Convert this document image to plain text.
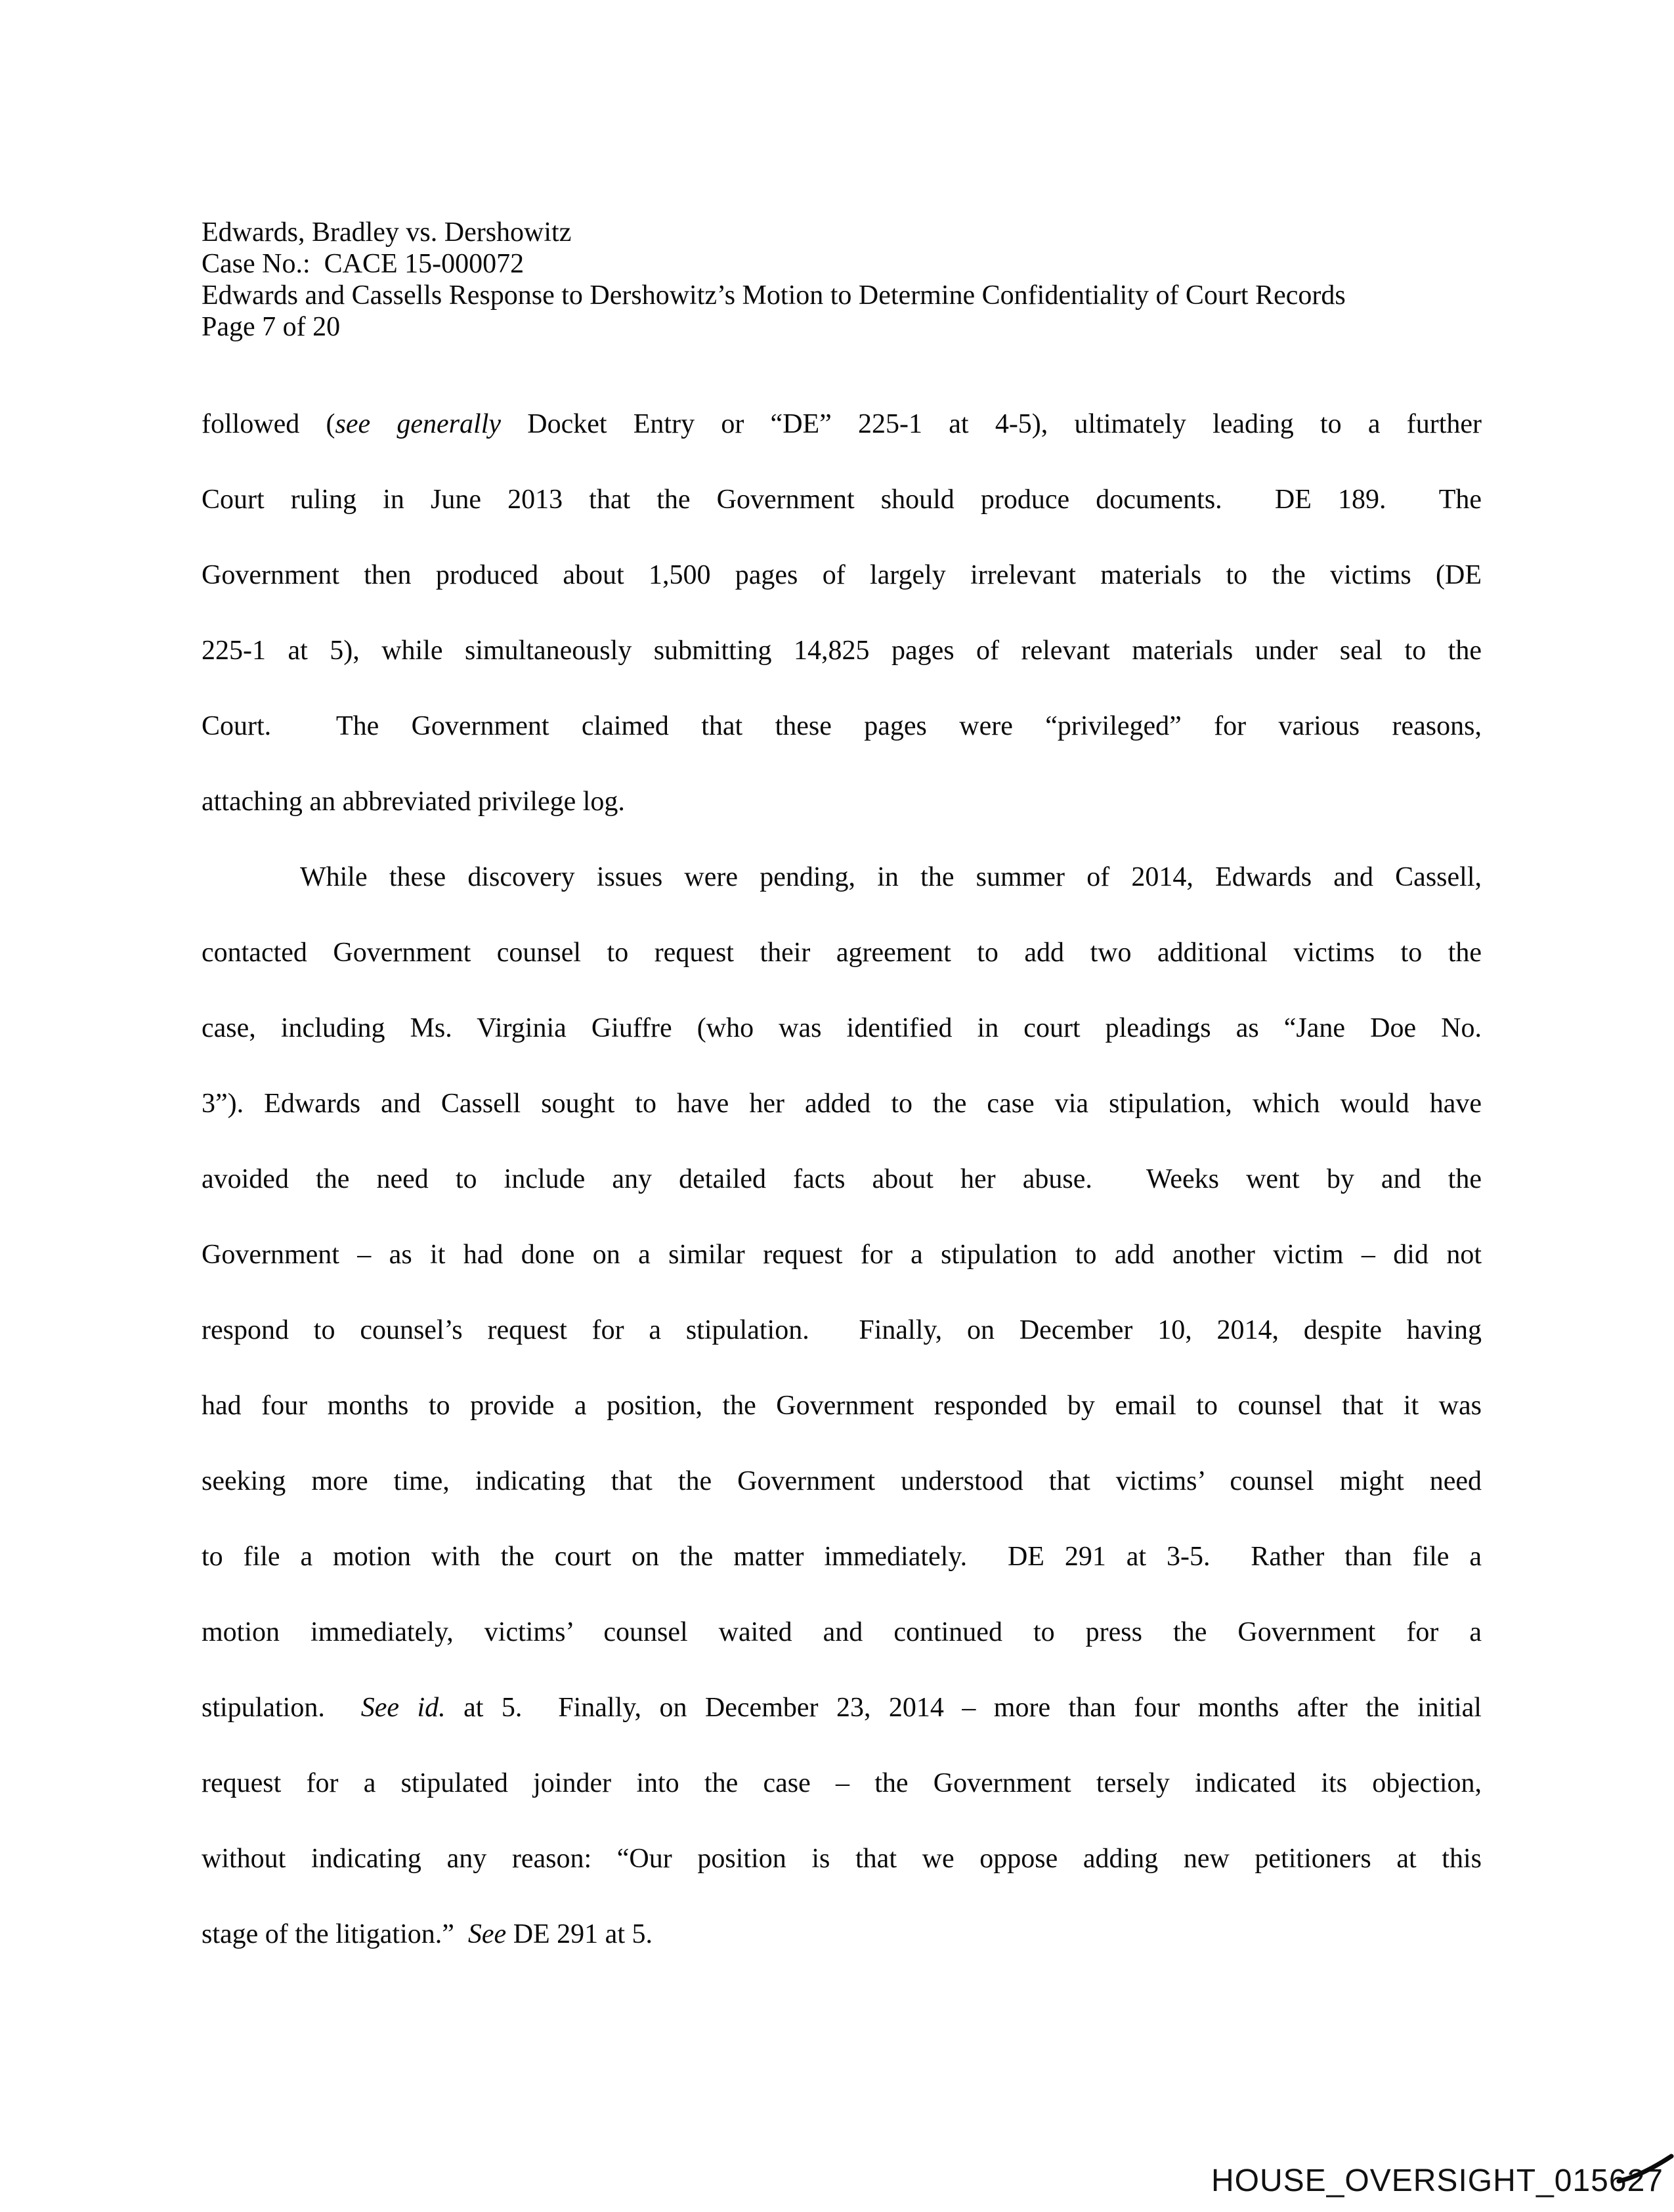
Edwards, Bradley vs. Dershowitz
Case No.:  CACE 15-000072
Edwards and Cassells Response to Dershowitz’s Motion to Determine Confidentiality of Court Records
Page 7 of 20
followed (see generally Docket Entry or “DE” 225-1 at 4-5), ultimately leading to a further
Court ruling in June 2013 that the Government should produce documents.  DE 189.  The
Government then produced about 1,500 pages of largely irrelevant materials to the victims (DE
225-1 at 5), while simultaneously submitting 14,825 pages of relevant materials under seal to the
Court.  The Government claimed that these pages were “privileged” for various reasons,
attaching an abbreviated privilege log.
While these discovery issues were pending, in the summer of 2014, Edwards and Cassell,
contacted Government counsel to request their agreement to add two additional victims to the
case, including Ms. Virginia Giuffre (who was identified in court pleadings as “Jane Doe No.
3”). Edwards and Cassell sought to have her added to the case via stipulation, which would have
avoided the need to include any detailed facts about her abuse.  Weeks went by and the
Government – as it had done on a similar request for a stipulation to add another victim – did not
respond to counsel’s request for a stipulation.  Finally, on December 10, 2014, despite having
had four months to provide a position, the Government responded by email to counsel that it was
seeking more time, indicating that the Government understood that victims’ counsel might need
to file a motion with the court on the matter immediately.  DE 291 at 3-5.  Rather than file a
motion immediately, victims’ counsel waited and continued to press the Government for a
stipulation.  See id. at 5.  Finally, on December 23, 2014 – more than four months after the initial
request for a stipulated joinder into the case – the Government tersely indicated its objection,
without indicating any reason: “Our position is that we oppose adding new petitioners at this
stage of the litigation.”  See DE 291 at 5.
HOUSE_OVERSIGHT_015627
